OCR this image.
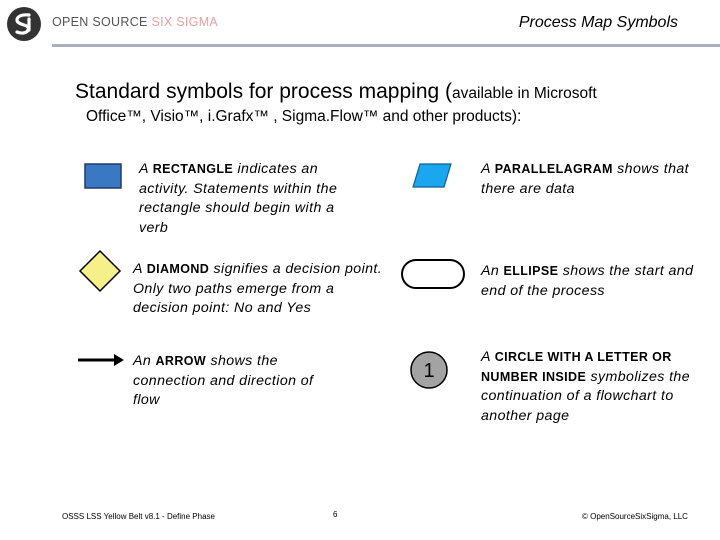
OPEN SOURCE SIX SIGMA	Process Map Symbols
Standard symbols for process mapping (available in Microsoft
Office™, Visio™, i.Grafx™ , Sigma.Flow™ and other products):
A RECTANGLE indicates an activity. Statements within the rectangle should begin with a verb
A PARALLELAGRAM shows that there are data
A DIAMOND signifies a decision point. Only two paths emerge from a decision point: No and Yes
An ELLIPSE shows the start and end of the process
An ARROW shows the connection and direction of flow
1
A CIRCLE WITH A LETTER OR NUMBER INSIDE symbolizes the continuation of a flowchart to another page
OSSS LSS Yellow Belt v8.1 - Define Phase	6	© OpenSourceSixSigma, LLC
